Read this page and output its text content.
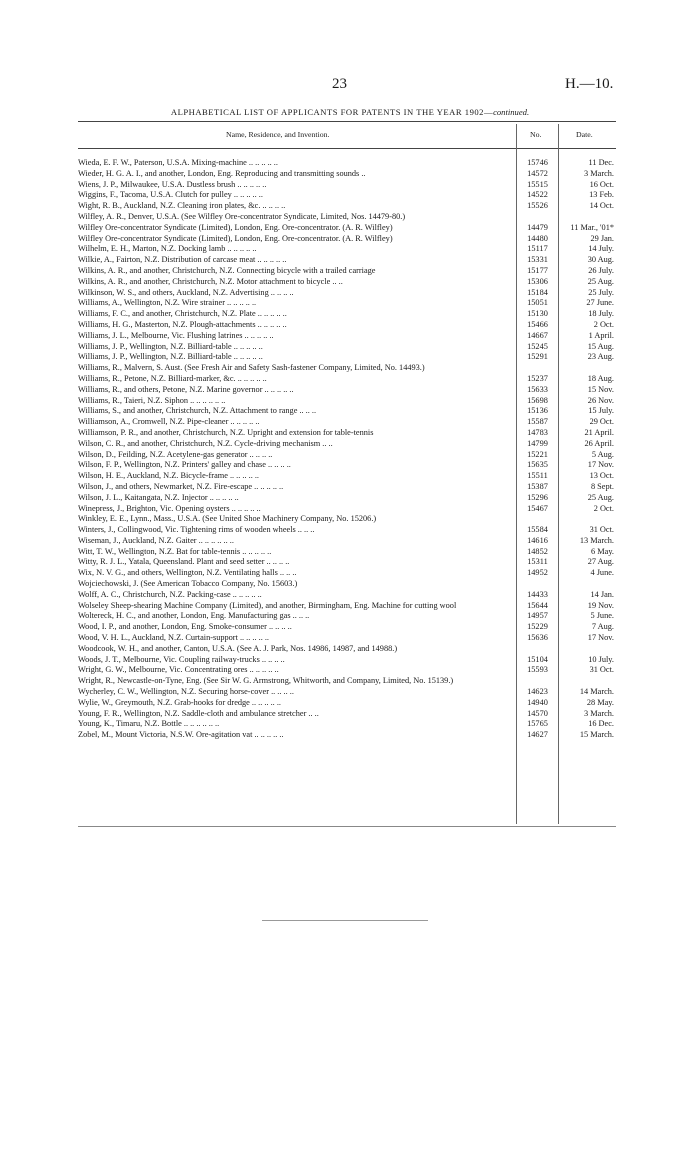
23	H.—10.
ALPHABETICAL LIST OF APPLICANTS FOR PATENTS IN THE YEAR 1902—continued.
Name, Residence, and Invention.	No.	Date.
Wieda, E. F. W., Paterson, U.S.A. Mixing-machine .. .. .. .. ..	15746	11 Dec.
Wieder, H. G. A. I., and another, London, Eng. Reproducing and transmitting sounds ..	14572	3 March.
Wiens, J. P., Milwaukee, U.S.A. Dustless brush .. .. .. .. ..	15515	16 Oct.
Wiggins, F., Tacoma, U.S.A. Clutch for pulley .. .. .. .. ..	14522	13 Feb.
Wight, R. B., Auckland, N.Z. Cleaning iron plates, &c. .. .. .. ..	15526	14 Oct.
Wilfley, A. R., Denver, U.S.A. (See Wilfley Ore-concentrator Syndicate, Limited, Nos. 14479-80.)
Wilfley Ore-concentrator Syndicate (Limited), London, Eng. Ore-concentrator. (A. R. Wilfley)	14479	11 Mar., '01*
Wilfley Ore-concentrator Syndicate (Limited), London, Eng. Ore-concentrator. (A. R. Wilfley)	14480	29 Jan.
Wilhelm, E. H., Marton, N.Z. Docking lamb .. .. .. .. ..	15117	14 July.
Wilkie, A., Fairton, N.Z. Distribution of carcase meat .. .. .. .. ..	15331	30 Aug.
Wilkins, A. R., and another, Christchurch, N.Z. Connecting bicycle with a trailed carriage	15177	26 July.
Wilkins, A. R., and another, Christchurch, N.Z. Motor attachment to bicycle .. ..	15306	25 Aug.
Wilkinson, W. S., and others, Auckland, N.Z. Advertising .. .. .. ..	15184	25 July.
Williams, A., Wellington, N.Z. Wire strainer .. .. .. .. ..	15051	27 June.
Williams, F. C., and another, Christchurch, N.Z. Plate .. .. .. .. ..	15130	18 July.
Williams, H. G., Masterton, N.Z. Plough-attachments .. .. .. .. ..	15466	2 Oct.
Williams, J. L., Melbourne, Vic. Flushing latrines .. .. .. .. ..	14667	1 April.
Williams, J. P., Wellington, N.Z. Billiard-table .. .. .. .. ..	15245	15 Aug.
Williams, J. P., Wellington, N.Z. Billiard-table .. .. .. .. ..	15291	23 Aug.
Williams, R., Malvern, S. Aust. (See Fresh Air and Safety Sash-fastener Company, Limited, No. 14493.)
Williams, R., Petone, N.Z. Billiard-marker, &c. .. .. .. .. ..	15237	18 Aug.
Williams, R., and others, Petone, N.Z. Marine governor .. .. .. .. ..	15633	15 Nov.
Williams, R., Taieri, N.Z. Siphon .. .. .. .. .. ..	15698	26 Nov.
Williams, S., and another, Christchurch, N.Z. Attachment to range .. .. ..	15136	15 July.
Williamson, A., Cromwell, N.Z. Pipe-cleaner .. .. .. .. ..	15587	29 Oct.
Williamson, P. R., and another, Christchurch, N.Z. Upright and extension for table-tennis	14783	21 April.
Wilson, C. R., and another, Christchurch, N.Z. Cycle-driving mechanism .. ..	14799	26 April.
Wilson, D., Feilding, N.Z. Acetylene-gas generator .. .. .. ..	15221	5 Aug.
Wilson, F. P., Wellington, N.Z. Printers' galley and chase .. .. .. ..	15635	17 Nov.
Wilson, H. E., Auckland, N.Z. Bicycle-frame .. .. .. .. ..	15511	13 Oct.
Wilson, J., and others, Newmarket, N.Z. Fire-escape .. .. .. .. ..	15387	8 Sept.
Wilson, J. L., Kaitangata, N.Z. Injector .. .. .. .. ..	15296	25 Aug.
Winepress, J., Brighton, Vic. Opening oysters .. .. .. .. ..	15467	2 Oct.
Winkley, E. E., Lynn., Mass., U.S.A. (See United Shoe Machinery Company, No. 15206.)
Winters, J., Collingwood, Vic. Tightening rims of wooden wheels .. .. ..	15584	31 Oct.
Wiseman, J., Auckland, N.Z. Gaiter .. .. .. .. .. ..	14616	13 March.
Witt, T. W., Wellington, N.Z. Bat for table-tennis .. .. .. .. ..	14852	6 May.
Witty, R. J. L., Yatala, Queensland. Plant and seed setter .. .. .. ..	15311	27 Aug.
Wix, N. V. G., and others, Wellington, N.Z. Ventilating halls .. .. ..	14952	4 June.
Wojciechowski, J. (See American Tobacco Company, No. 15603.)
Wolff, A. C., Christchurch, N.Z. Packing-case .. .. .. .. ..	14433	14 Jan.
Wolseley Sheep-shearing Machine Company (Limited), and another, Birmingham, Eng. Machine for cutting wool	15644	19 Nov.
Woltereck, H. C., and another, London, Eng. Manufacturing gas .. .. ..	14957	5 June.
Wood, I. P., and another, London, Eng. Smoke-consumer .. .. .. ..	15229	7 Aug.
Wood, V. H. L., Auckland, N.Z. Curtain-support .. .. .. .. ..	15636	17 Nov.
Woodcook, W. H., and another, Canton, U.S.A. (See A. J. Park, Nos. 14986, 14987, and 14988.)
Woods, J. T., Melbourne, Vic. Coupling railway-trucks .. .. .. ..	15104	10 July.
Wright, G. W., Melbourne, Vic. Concentrating ores .. .. .. .. ..	15593	31 Oct.
Wright, R., Newcastle-on-Tyne, Eng. (See Sir W. G. Armstrong, Whitworth, and Company, Limited, No. 15139.)
Wycherley, C. W., Wellington, N.Z. Securing horse-cover .. .. .. ..	14623	14 March.
Wylie, W., Greymouth, N.Z. Grab-hooks for dredge .. .. .. .. ..	14940	28 May.
Young, F. R., Wellington, N.Z. Saddle-cloth and ambulance stretcher .. ..	14570	3 March.
Young, K., Timaru, N.Z. Bottle .. .. .. .. .. ..	15765	16 Dec.
Zobel, M., Mount Victoria, N.S.W. Ore-agitation vat .. .. .. .. ..	14627	15 March.
